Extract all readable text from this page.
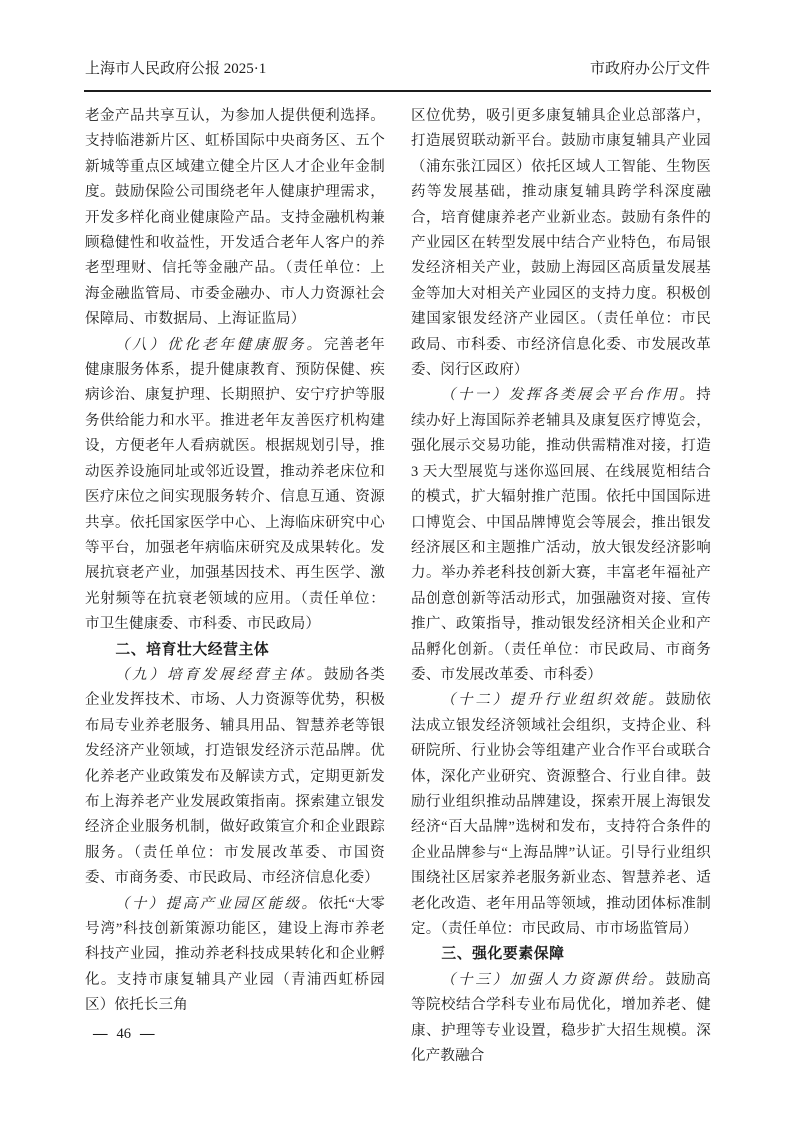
上海市人民政府公报 2025·1	市政府办公厅文件

老金产品共享互认，为参加人提供便利选择。支持临港新片区、虹桥国际中央商务区、五个新城等重点区域建立健全片区人才企业年金制度。鼓励保险公司围绕老年人健康护理需求，开发多样化商业健康险产品。支持金融机构兼顾稳健性和收益性，开发适合老年人客户的养老型理财、信托等金融产品。（责任单位：上海金融监管局、市委金融办、市人力资源社会保障局、市数据局、上海证监局）

（八）优化老年健康服务。完善老年健康服务体系，提升健康教育、预防保健、疾病诊治、康复护理、长期照护、安宁疗护等服务供给能力和水平。推进老年友善医疗机构建设，方便老年人看病就医。根据规划引导，推动医养设施同址或邻近设置，推动养老床位和医疗床位之间实现服务转介、信息互通、资源共享。依托国家医学中心、上海临床研究中心等平台，加强老年病临床研究及成果转化。发展抗衰老产业，加强基因技术、再生医学、激光射频等在抗衰老领域的应用。（责任单位：市卫生健康委、市科委、市民政局）

二、培育壮大经营主体

（九）培育发展经营主体。鼓励各类企业发挥技术、市场、人力资源等优势，积极布局专业养老服务、辅具用品、智慧养老等银发经济产业领域，打造银发经济示范品牌。优化养老产业政策发布及解读方式，定期更新发布上海养老产业发展政策指南。探索建立银发经济企业服务机制，做好政策宣介和企业跟踪服务。（责任单位：市发展改革委、市国资委、市商务委、市民政局、市经济信息化委）

（十）提高产业园区能级。依托“大零号湾”科技创新策源功能区，建设上海市养老科技产业园，推动养老科技成果转化和企业孵化。支持市康复辅具产业园（青浦西虹桥园区）依托长三角

区位优势，吸引更多康复辅具企业总部落户，打造展贸联动新平台。鼓励市康复辅具产业园（浦东张江园区）依托区域人工智能、生物医药等发展基础，推动康复辅具跨学科深度融合，培育健康养老产业新业态。鼓励有条件的产业园区在转型发展中结合产业特色，布局银发经济相关产业，鼓励上海园区高质量发展基金等加大对相关产业园区的支持力度。积极创建国家银发经济产业园区。（责任单位：市民政局、市科委、市经济信息化委、市发展改革委、闵行区政府）

（十一）发挥各类展会平台作用。持续办好上海国际养老辅具及康复医疗博览会，强化展示交易功能，推动供需精准对接，打造 3 天大型展览与迷你巡回展、在线展览相结合的模式，扩大辐射推广范围。依托中国国际进口博览会、中国品牌博览会等展会，推出银发经济展区和主题推广活动，放大银发经济影响力。举办养老科技创新大赛，丰富老年福祉产品创意创新等活动形式，加强融资对接、宣传推广、政策指导，推动银发经济相关企业和产品孵化创新。（责任单位：市民政局、市商务委、市发展改革委、市科委）

（十二）提升行业组织效能。鼓励依法成立银发经济领域社会组织，支持企业、科研院所、行业协会等组建产业合作平台或联合体，深化产业研究、资源整合、行业自律。鼓励行业组织推动品牌建设，探索开展上海银发经济“百大品牌”选树和发布，支持符合条件的企业品牌参与“上海品牌”认证。引导行业组织围绕社区居家养老服务新业态、智慧养老、适老化改造、老年用品等领域，推动团体标准制定。（责任单位：市民政局、市市场监管局）

三、强化要素保障

（十三）加强人力资源供给。鼓励高等院校结合学科专业布局优化，增加养老、健康、护理等专业设置，稳步扩大招生规模。深化产教融合

— 46 —
